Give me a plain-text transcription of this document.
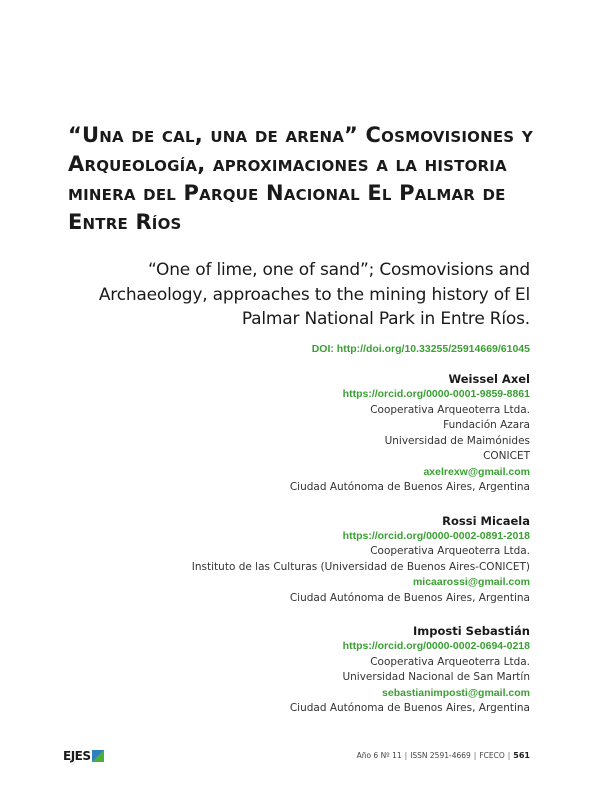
“Una de cal, una de arena” Cosmovisiones y Arqueología, aproximaciones a la historia minera del Parque Nacional El Palmar de Entre Ríos

“One of lime, one of sand”; Cosmovisions and Archaeology, approaches to the mining history of El Palmar National Park in Entre Ríos.

DOI: http://doi.org/10.33255/25914669/61045
Weissel Axel
https://orcid.org/0000-0001-9859-8861
Cooperativa Arqueoterra Ltda.
Fundación Azara
Universidad de Maimónides
CONICET
axelrexw@gmail.com
Ciudad Autónoma de Buenos Aires, Argentina
Rossi Micaela
https://orcid.org/0000-0002-0891-2018
Cooperativa Arqueoterra Ltda.
Instituto de las Culturas (Universidad de Buenos Aires-CONICET)
micaarossi@gmail.com
Ciudad Autónoma de Buenos Aires, Argentina
Imposti Sebastián
https://orcid.org/0000-0002-0694-0218
Cooperativa Arqueoterra Ltda.
Universidad Nacional de San Martín
sebastianimposti@gmail.com
Ciudad Autónoma de Buenos Aires, Argentina
EJES	Año 6 Nº 11 | ISSN 2591-4669 | FCECO | 561
